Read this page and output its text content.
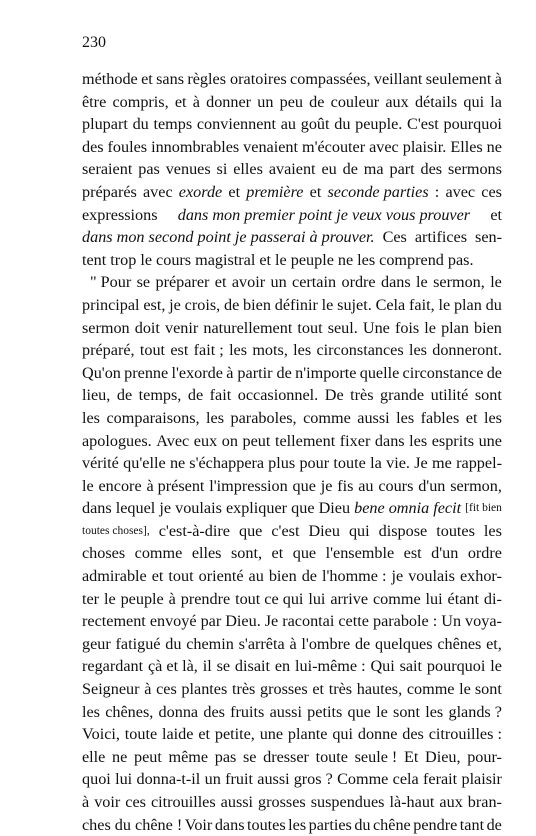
230
méthode et sans règles oratoires compassées, veillant seulement à
être compris, et à donner un peu de couleur aux détails qui la
plupart du temps conviennent au goût du peuple. C'est pourquoi
des foules innombrables venaient m'écouter avec plaisir. Elles ne
seraient pas venues si elles avaient eu de ma part des sermons
préparés avec exorde et première et seconde parties : avec ces
expressions dans mon premier point je veux vous prouver et
dans mon second point je passerai à prouver. Ces artifices sen-
tent trop le cours magistral et le peuple ne les comprend pas.
" Pour se préparer et avoir un certain ordre dans le sermon, le
principal est, je crois, de bien définir le sujet. Cela fait, le plan du
sermon doit venir naturellement tout seul. Une fois le plan bien
préparé, tout est fait ; les mots, les circonstances les donneront.
Qu'on prenne l'exorde à partir de n'importe quelle circonstance de
lieu, de temps, de fait occasionnel. De très grande utilité sont
les comparaisons, les paraboles, comme aussi les fables et les
apologues. Avec eux on peut tellement fixer dans les esprits une
vérité qu'elle ne s'échappera plus pour toute la vie. Je me rappel-
le encore à présent l'impression que je fis au cours d'un sermon,
dans lequel je voulais expliquer que Dieu bene omnia fecit [fit bien
toutes choses], c'est-à-dire que c'est Dieu qui dispose toutes les
choses comme elles sont, et que l'ensemble est d'un ordre
admirable et tout orienté au bien de l'homme : je voulais exhor-
ter le peuple à prendre tout ce qui lui arrive comme lui étant di-
rectement envoyé par Dieu. Je racontai cette parabole : Un voya-
geur fatigué du chemin s'arrêta à l'ombre de quelques chênes et,
regardant çà et là, il se disait en lui-même : Qui sait pourquoi le
Seigneur à ces plantes très grosses et très hautes, comme le sont
les chênes, donna des fruits aussi petits que le sont les glands ?
Voici, toute laide et petite, une plante qui donne des citrouilles :
elle ne peut même pas se dresser toute seule ! Et Dieu, pour-
quoi lui donna-t-il un fruit aussi gros ? Comme cela ferait plaisir
à voir ces citrouilles aussi grosses suspendues là-haut aux bran-
ches du chêne ! Voir dans toutes les parties du chêne pendre tant de
